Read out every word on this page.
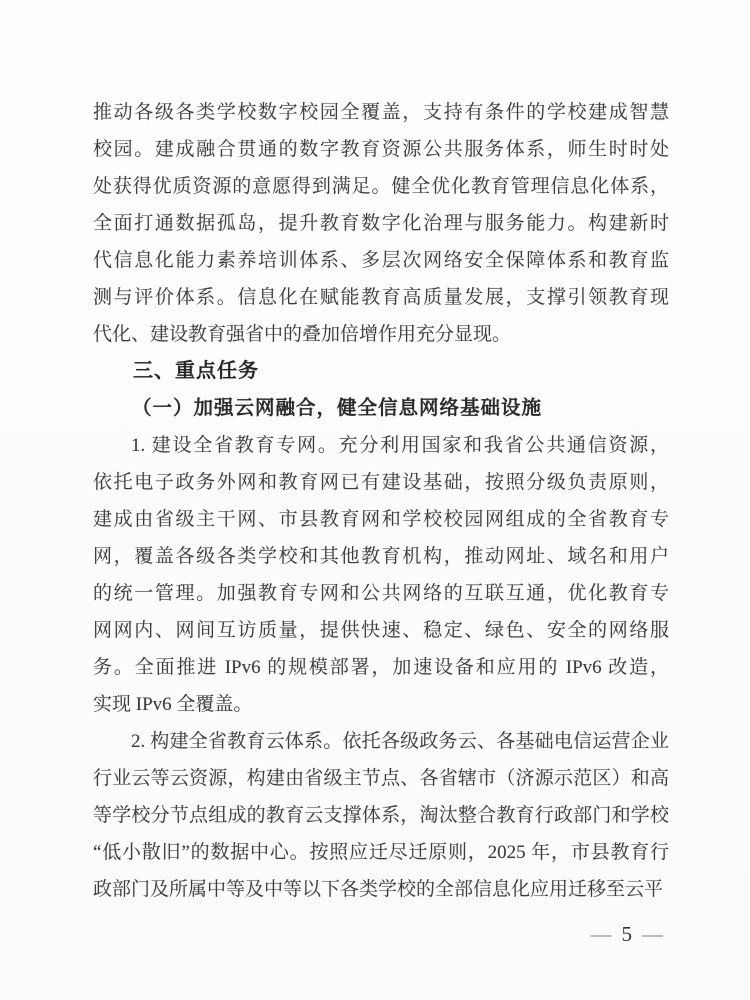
推动各级各类学校数字校园全覆盖，支持有条件的学校建成智慧
校园。建成融合贯通的数字教育资源公共服务体系，师生时时处
处获得优质资源的意愿得到满足。健全优化教育管理信息化体系，
全面打通数据孤岛，提升教育数字化治理与服务能力。构建新时
代信息化能力素养培训体系、多层次网络安全保障体系和教育监
测与评价体系。信息化在赋能教育高质量发展，支撑引领教育现
代化、建设教育强省中的叠加倍增作用充分显现。
三、重点任务
（一）加强云网融合，健全信息网络基础设施
1. 建设全省教育专网。充分利用国家和我省公共通信资源，
依托电子政务外网和教育网已有建设基础，按照分级负责原则，
建成由省级主干网、市县教育网和学校校园网组成的全省教育专
网，覆盖各级各类学校和其他教育机构，推动网址、域名和用户
的统一管理。加强教育专网和公共网络的互联互通，优化教育专
网网内、网间互访质量，提供快速、稳定、绿色、安全的网络服
务。全面推进 IPv6 的规模部署，加速设备和应用的 IPv6 改造，
实现 IPv6 全覆盖。
2. 构建全省教育云体系。依托各级政务云、各基础电信运营企业
行业云等云资源，构建由省级主节点、各省辖市（济源示范区）和高
等学校分节点组成的教育云支撑体系，淘汰整合教育行政部门和学校
“低小散旧”的数据中心。按照应迁尽迁原则，2025 年，市县教育行
政部门及所属中等及中等以下各类学校的全部信息化应用迁移至云平
— 5 —
